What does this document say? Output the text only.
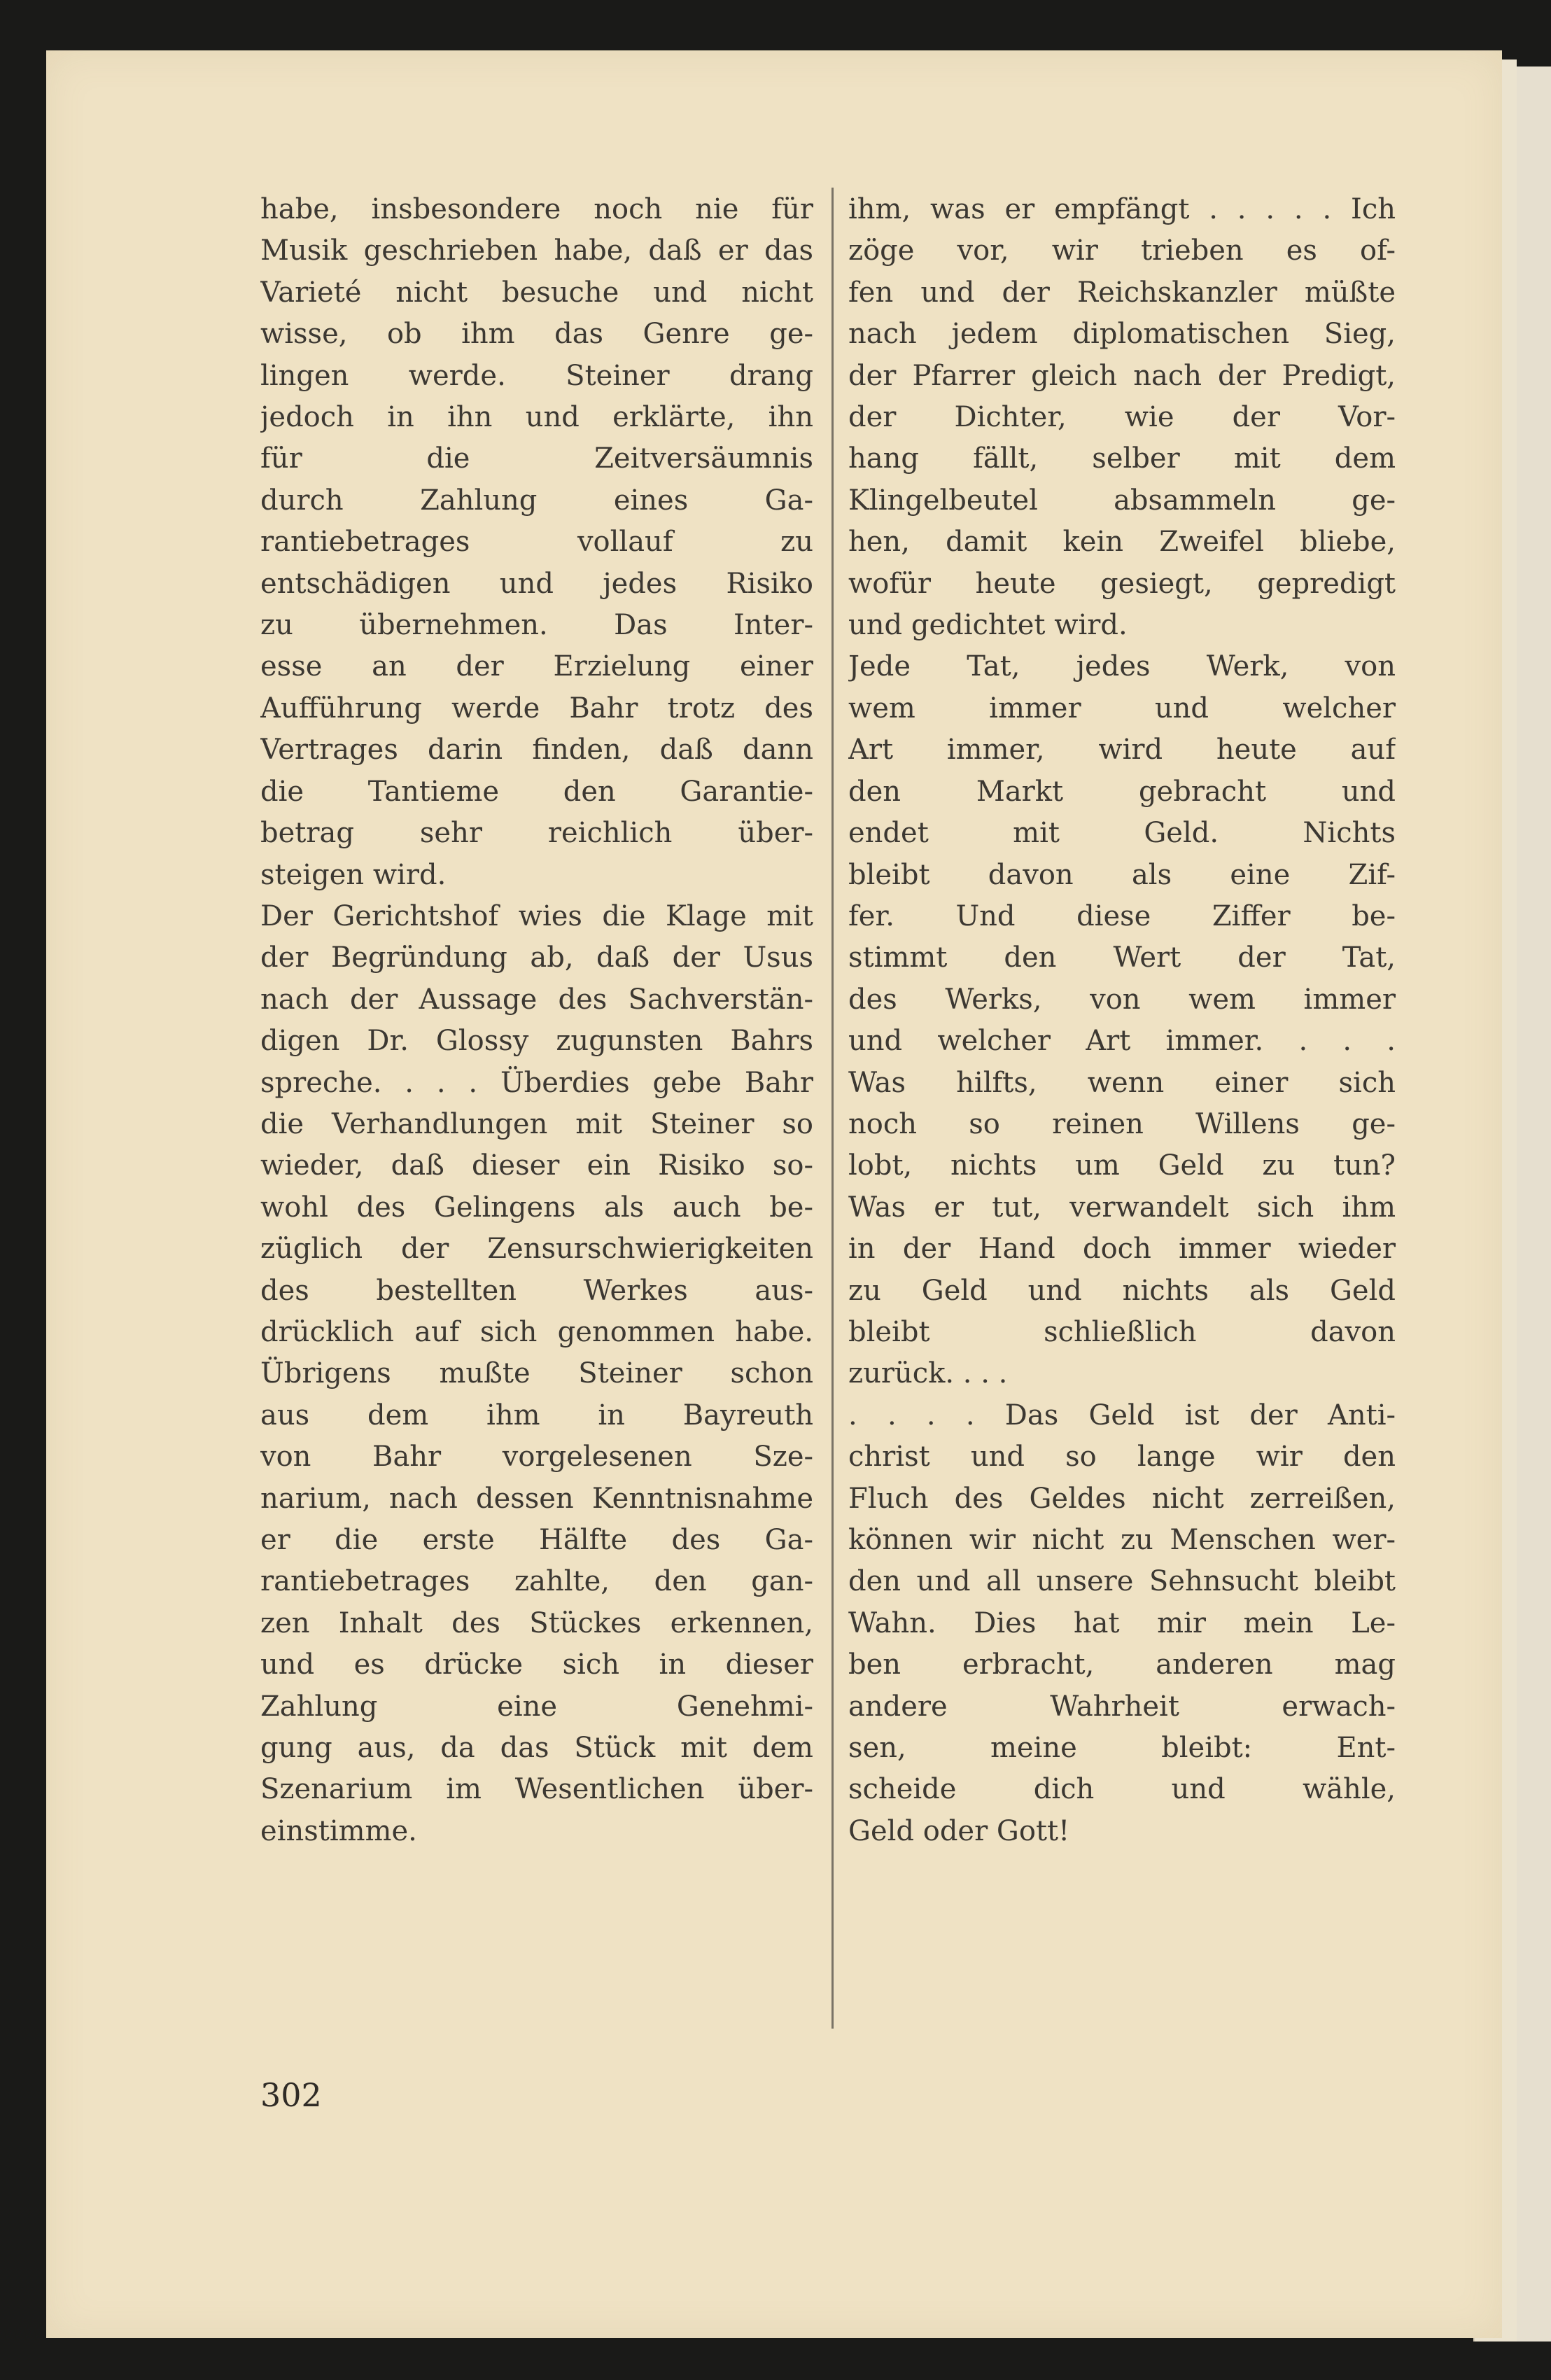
habe, insbesondere noch nie für
Musik geschrieben habe, daß er das
Varieté nicht besuche und nicht
wisse, ob ihm das Genre ge-
lingen werde. Steiner drang
jedoch in ihn und erklärte, ihn
für die Zeitversäumnis
durch Zahlung eines Ga-
rantiebetrages vollauf zu
entschädigen und jedes Risiko
zu übernehmen. Das Inter-
esse an der Erzielung einer
Aufführung werde Bahr trotz des
Vertrages darin finden, daß dann
die Tantieme den Garantie-
betrag sehr reichlich über-
steigen wird.
Der Gerichtshof wies die Klage mit
der Begründung ab, daß der Usus
nach der Aussage des Sachverstän-
digen Dr. Glossy zugunsten Bahrs
spreche. . . . Überdies gebe Bahr
die Verhandlungen mit Steiner so
wieder, daß dieser ein Risiko so-
wohl des Gelingens als auch be-
züglich der Zensurschwierigkeiten
des bestellten Werkes aus-
drücklich auf sich genommen habe.
Übrigens mußte Steiner schon
aus dem ihm in Bayreuth
von Bahr vorgelesenen Sze-
narium, nach dessen Kenntnisnahme
er die erste Hälfte des Ga-
rantiebetrages zahlte, den gan-
zen Inhalt des Stückes erkennen,
und es drücke sich in dieser
Zahlung eine Genehmi-
gung aus, da das Stück mit dem
Szenarium im Wesentlichen über-
einstimme.
ihm, was er empfängt . . . . . Ich
zöge vor, wir trieben es of-
fen und der Reichskanzler müßte
nach jedem diplomatischen Sieg,
der Pfarrer gleich nach der Predigt,
der Dichter, wie der Vor-
hang fällt, selber mit dem
Klingelbeutel absammeln ge-
hen, damit kein Zweifel bliebe,
wofür heute gesiegt, gepredigt
und gedichtet wird.
Jede Tat, jedes Werk, von
wem immer und welcher
Art immer, wird heute auf
den Markt gebracht und
endet mit Geld. Nichts
bleibt davon als eine Zif-
fer. Und diese Ziffer be-
stimmt den Wert der Tat,
des Werks, von wem immer
und welcher Art immer. . . .
Was hilfts, wenn einer sich
noch so reinen Willens ge-
lobt, nichts um Geld zu tun?
Was er tut, verwandelt sich ihm
in der Hand doch immer wieder
zu Geld und nichts als Geld
bleibt schließlich davon
zurück. . . .
. . . . Das Geld ist der Anti-
christ und so lange wir den
Fluch des Geldes nicht zerreißen,
können wir nicht zu Menschen wer-
den und all unsere Sehnsucht bleibt
Wahn. Dies hat mir mein Le-
ben erbracht, anderen mag
andere Wahrheit erwach-
sen, meine bleibt: Ent-
scheide dich und wähle,
Geld oder Gott!
302
